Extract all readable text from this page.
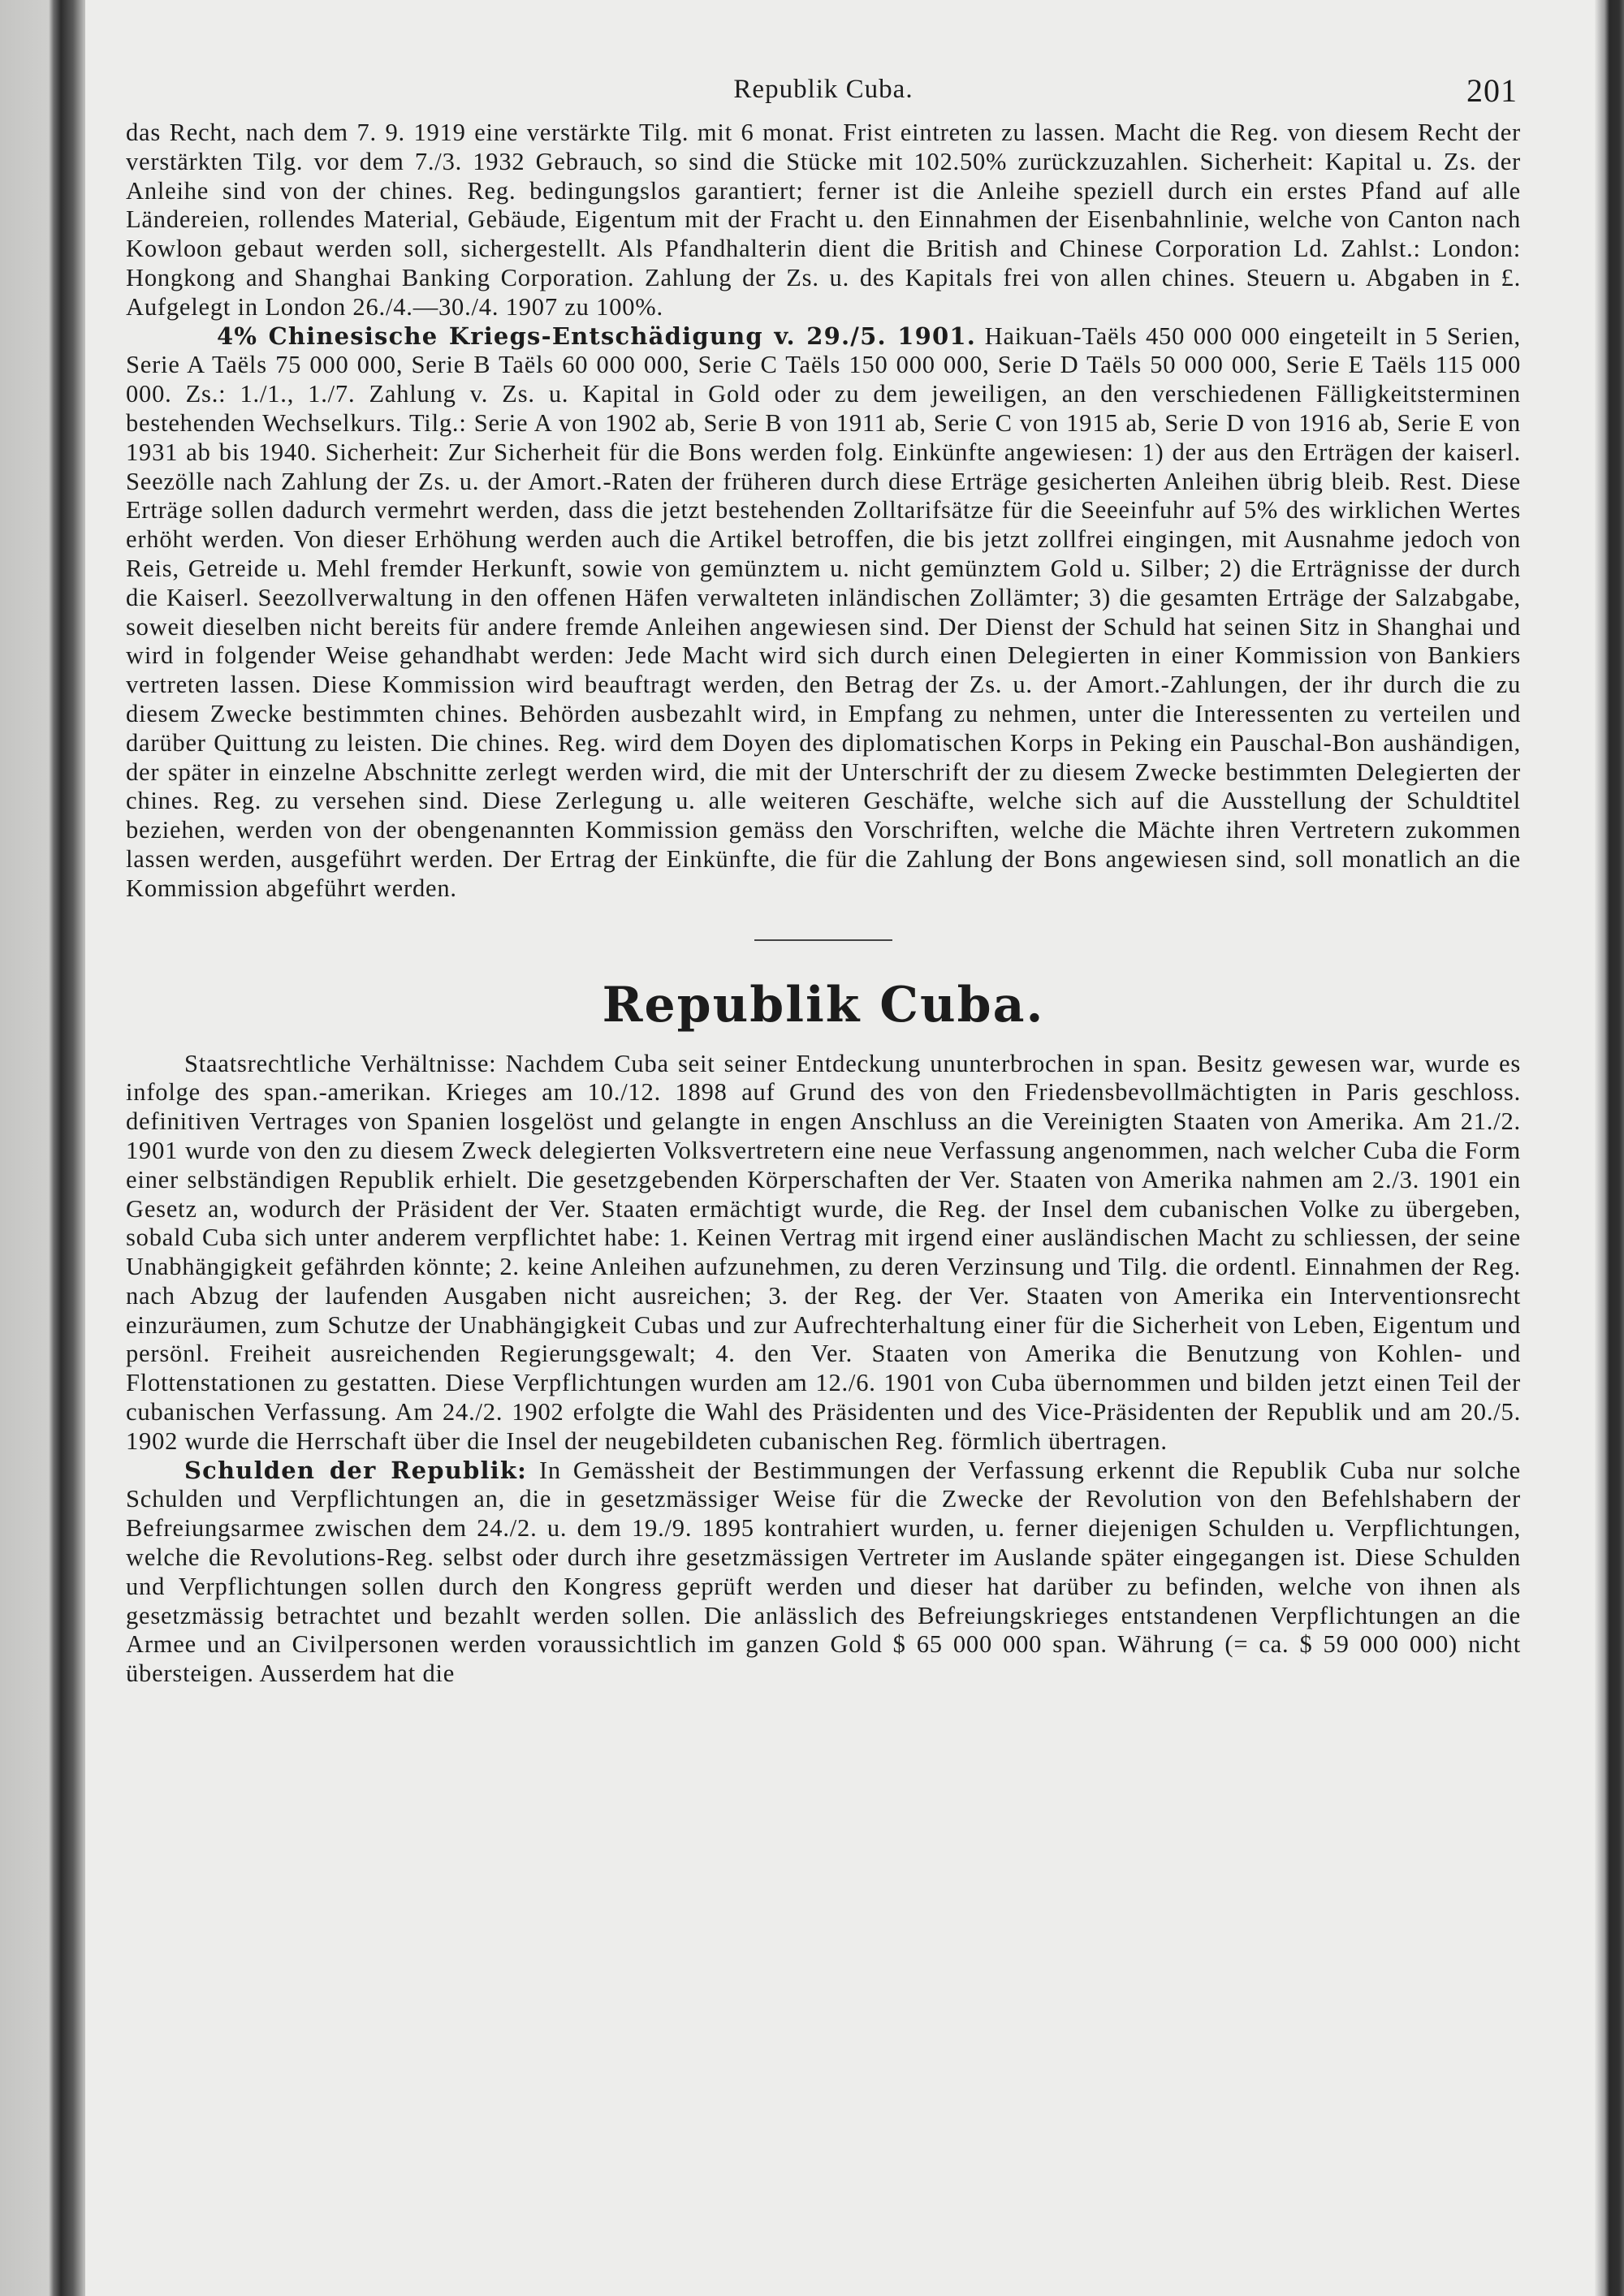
Republik Cuba.	201

das Recht, nach dem 7. 9. 1919 eine verstärkte Tilg. mit 6 monat. Frist eintreten zu lassen. Macht die Reg. von diesem Recht der verstärkten Tilg. vor dem 7./3. 1932 Gebrauch, so sind die Stücke mit 102.50% zurückzuzahlen. Sicherheit: Kapital u. Zs. der Anleihe sind von der chines. Reg. bedingungslos garantiert; ferner ist die Anleihe speziell durch ein erstes Pfand auf alle Ländereien, rollendes Material, Gebäude, Eigentum mit der Fracht u. den Einnahmen der Eisenbahnlinie, welche von Canton nach Kowloon gebaut werden soll, sichergestellt. Als Pfandhalterin dient die British and Chinese Corporation Ld. Zahlst.: London: Hongkong and Shanghai Banking Corporation. Zahlung der Zs. u. des Kapitals frei von allen chines. Steuern u. Abgaben in £. Aufgelegt in London 26./4.—30./4. 1907 zu 100%.

4% Chinesische Kriegs-Entschädigung v. 29./5. 1901. Haikuan-Taëls 450 000 000 eingeteilt in 5 Serien, Serie A Taëls 75 000 000, Serie B Taëls 60 000 000, Serie C Taëls 150 000 000, Serie D Taëls 50 000 000, Serie E Taëls 115 000 000. Zs.: 1./1., 1./7. Zahlung v. Zs. u. Kapital in Gold oder zu dem jeweiligen, an den verschiedenen Fälligkeitsterminen bestehenden Wechselkurs. Tilg.: Serie A von 1902 ab, Serie B von 1911 ab, Serie C von 1915 ab, Serie D von 1916 ab, Serie E von 1931 ab bis 1940. Sicherheit: Zur Sicherheit für die Bons werden folg. Einkünfte angewiesen: 1) der aus den Erträgen der kaiserl. Seezölle nach Zahlung der Zs. u. der Amort.-Raten der früheren durch diese Erträge gesicherten Anleihen übrig bleib. Rest. Diese Erträge sollen dadurch vermehrt werden, dass die jetzt bestehenden Zolltarifsätze für die Seeeinfuhr auf 5% des wirklichen Wertes erhöht werden. Von dieser Erhöhung werden auch die Artikel betroffen, die bis jetzt zollfrei eingingen, mit Ausnahme jedoch von Reis, Getreide u. Mehl fremder Herkunft, sowie von gemünztem u. nicht gemünztem Gold u. Silber; 2) die Erträgnisse der durch die Kaiserl. Seezollverwaltung in den offenen Häfen verwalteten inländischen Zollämter; 3) die gesamten Erträge der Salzabgabe, soweit dieselben nicht bereits für andere fremde Anleihen angewiesen sind. Der Dienst der Schuld hat seinen Sitz in Shanghai und wird in folgender Weise gehandhabt werden: Jede Macht wird sich durch einen Delegierten in einer Kommission von Bankiers vertreten lassen. Diese Kommission wird beauftragt werden, den Betrag der Zs. u. der Amort.-Zahlungen, der ihr durch die zu diesem Zwecke bestimmten chines. Behörden ausbezahlt wird, in Empfang zu nehmen, unter die Interessenten zu verteilen und darüber Quittung zu leisten. Die chines. Reg. wird dem Doyen des diplomatischen Korps in Peking ein Pauschal-Bon aushändigen, der später in einzelne Abschnitte zerlegt werden wird, die mit der Unterschrift der zu diesem Zwecke bestimmten Delegierten der chines. Reg. zu versehen sind. Diese Zerlegung u. alle weiteren Geschäfte, welche sich auf die Ausstellung der Schuldtitel beziehen, werden von der obengenannten Kommission gemäss den Vorschriften, welche die Mächte ihren Vertretern zukommen lassen werden, ausgeführt werden. Der Ertrag der Einkünfte, die für die Zahlung der Bons angewiesen sind, soll monatlich an die Kommission abgeführt werden.

Republik Cuba.

Staatsrechtliche Verhältnisse: Nachdem Cuba seit seiner Entdeckung ununterbrochen in span. Besitz gewesen war, wurde es infolge des span.-amerikan. Krieges am 10./12. 1898 auf Grund des von den Friedensbevollmächtigten in Paris geschloss. definitiven Vertrages von Spanien losgelöst und gelangte in engen Anschluss an die Vereinigten Staaten von Amerika. Am 21./2. 1901 wurde von den zu diesem Zweck delegierten Volksvertretern eine neue Verfassung angenommen, nach welcher Cuba die Form einer selbständigen Republik erhielt. Die gesetzgebenden Körperschaften der Ver. Staaten von Amerika nahmen am 2./3. 1901 ein Gesetz an, wodurch der Präsident der Ver. Staaten ermächtigt wurde, die Reg. der Insel dem cubanischen Volke zu übergeben, sobald Cuba sich unter anderem verpflichtet habe: 1. Keinen Vertrag mit irgend einer ausländischen Macht zu schliessen, der seine Unabhängigkeit gefährden könnte; 2. keine Anleihen aufzunehmen, zu deren Verzinsung und Tilg. die ordentl. Einnahmen der Reg. nach Abzug der laufenden Ausgaben nicht ausreichen; 3. der Reg. der Ver. Staaten von Amerika ein Interventionsrecht einzuräumen, zum Schutze der Unabhängigkeit Cubas und zur Aufrechterhaltung einer für die Sicherheit von Leben, Eigentum und persönl. Freiheit ausreichenden Regierungsgewalt; 4. den Ver. Staaten von Amerika die Benutzung von Kohlen- und Flottenstationen zu gestatten. Diese Verpflichtungen wurden am 12./6. 1901 von Cuba übernommen und bilden jetzt einen Teil der cubanischen Verfassung. Am 24./2. 1902 erfolgte die Wahl des Präsidenten und des Vice-Präsidenten der Republik und am 20./5. 1902 wurde die Herrschaft über die Insel der neugebildeten cubanischen Reg. förmlich übertragen.

Schulden der Republik: In Gemässheit der Bestimmungen der Verfassung erkennt die Republik Cuba nur solche Schulden und Verpflichtungen an, die in gesetzmässiger Weise für die Zwecke der Revolution von den Befehlshabern der Befreiungsarmee zwischen dem 24./2. u. dem 19./9. 1895 kontrahiert wurden, u. ferner diejenigen Schulden u. Verpflichtungen, welche die Revolutions-Reg. selbst oder durch ihre gesetzmässigen Vertreter im Auslande später eingegangen ist. Diese Schulden und Verpflichtungen sollen durch den Kongress geprüft werden und dieser hat darüber zu befinden, welche von ihnen als gesetzmässig betrachtet und bezahlt werden sollen. Die anlässlich des Befreiungskrieges entstandenen Verpflichtungen an die Armee und an Civilpersonen werden voraussichtlich im ganzen Gold $ 65 000 000 span. Währung (= ca. $ 59 000 000) nicht übersteigen. Ausserdem hat die
